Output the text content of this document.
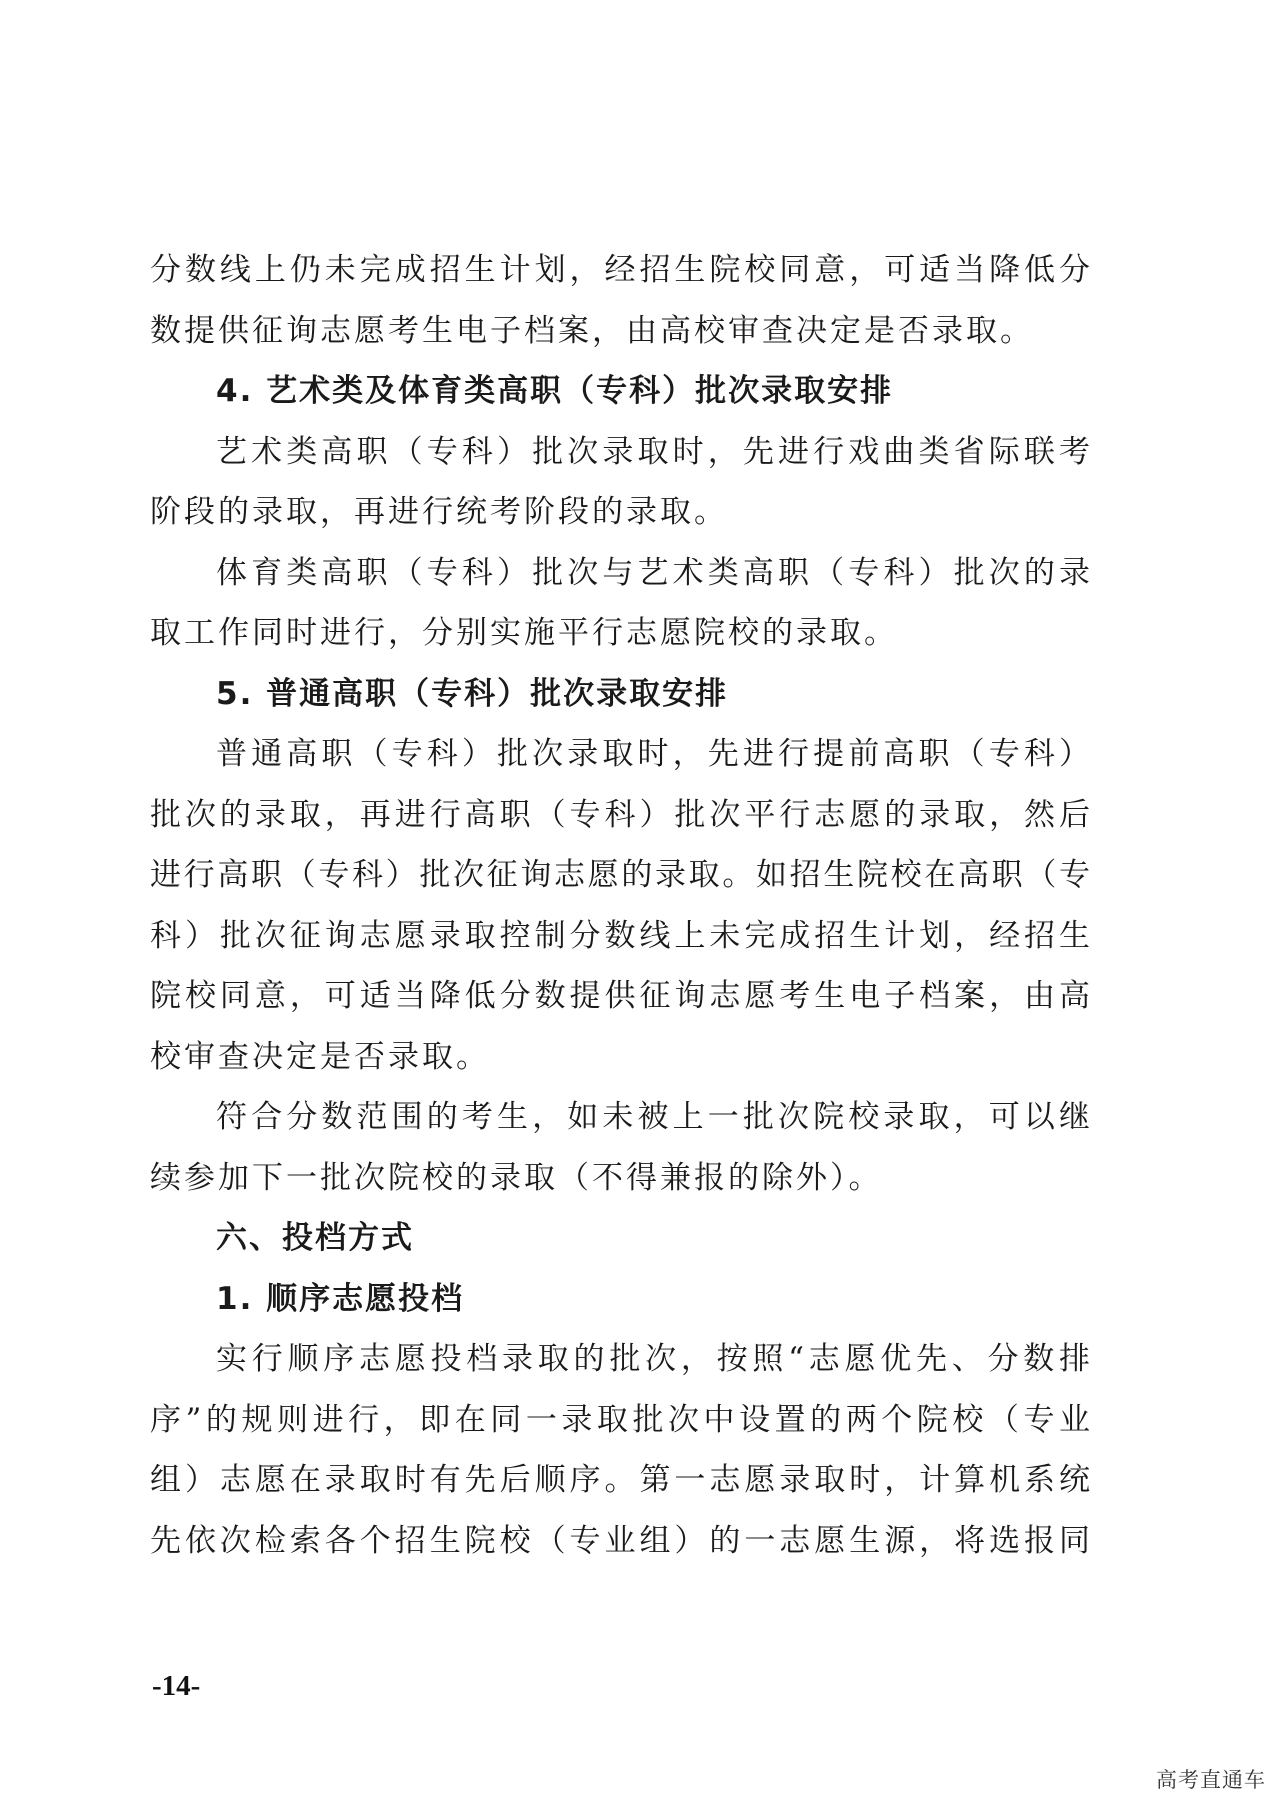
分数线上仍未完成招生计划，经招生院校同意，可适当降低分
数提供征询志愿考生电子档案，由高校审查决定是否录取。
4. 艺术类及体育类高职（专科）批次录取安排
艺术类高职（专科）批次录取时，先进行戏曲类省际联考
阶段的录取，再进行统考阶段的录取。
体育类高职（专科）批次与艺术类高职（专科）批次的录
取工作同时进行，分别实施平行志愿院校的录取。
5. 普通高职（专科）批次录取安排
普通高职（专科）批次录取时，先进行提前高职（专科）
批次的录取，再进行高职（专科）批次平行志愿的录取，然后
进行高职（专科）批次征询志愿的录取。如招生院校在高职（专
科）批次征询志愿录取控制分数线上未完成招生计划，经招生
院校同意，可适当降低分数提供征询志愿考生电子档案，由高
校审查决定是否录取。
符合分数范围的考生，如未被上一批次院校录取，可以继
续参加下一批次院校的录取（不得兼报的除外）。
六、投档方式
1. 顺序志愿投档
实行顺序志愿投档录取的批次，按照“志愿优先、分数排
序”的规则进行，即在同一录取批次中设置的两个院校（专业
组）志愿在录取时有先后顺序。第一志愿录取时，计算机系统
先依次检索各个招生院校（专业组）的一志愿生源，将选报同
-14-
高考直通车
